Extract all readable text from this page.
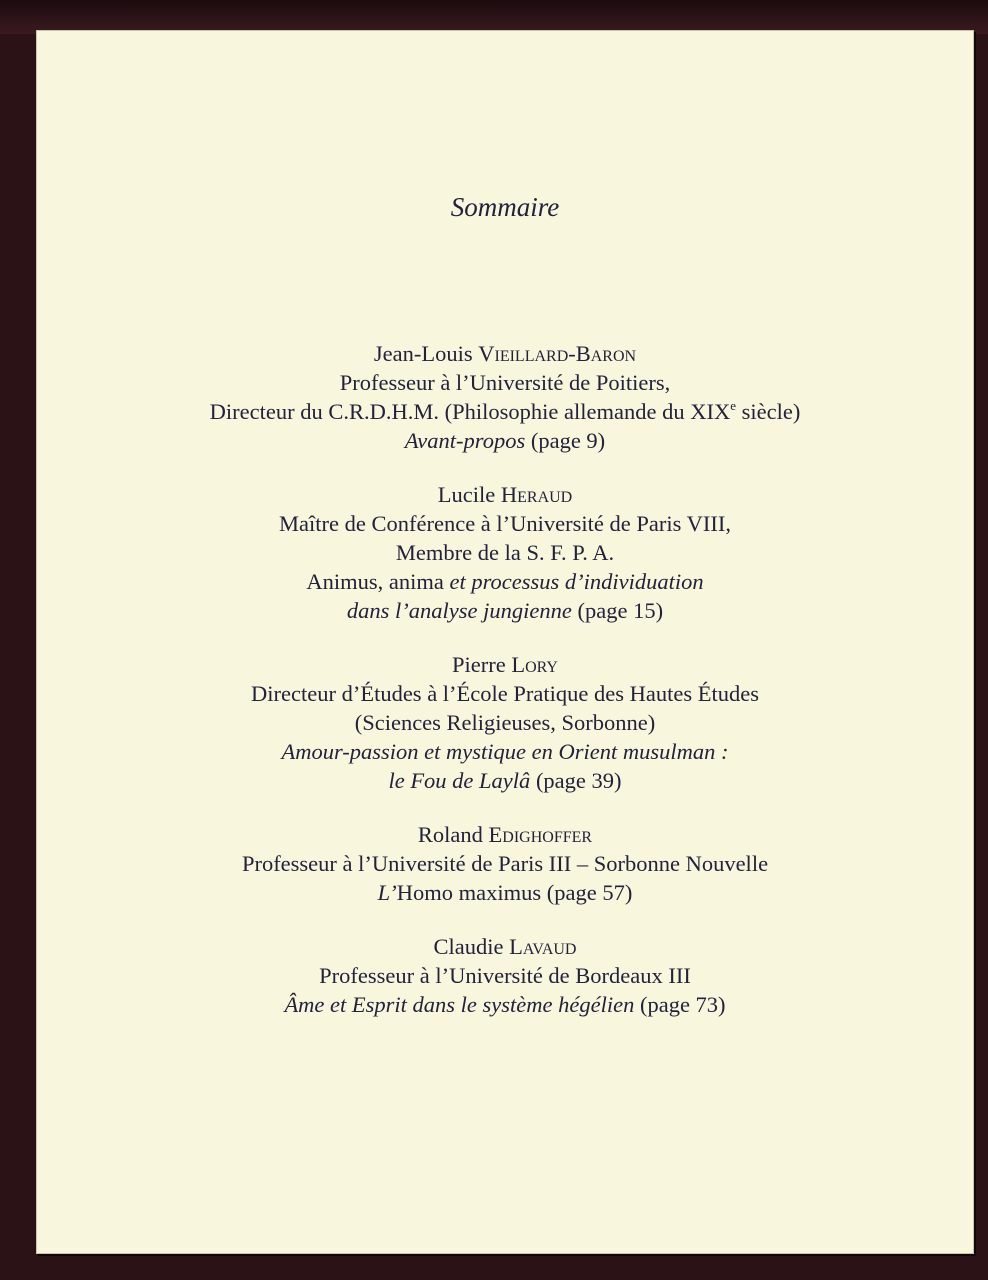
Sommaire
Jean-Louis Vieillard-Baron
Professeur à l’Université de Poitiers,
Directeur du C.R.D.H.M. (Philosophie allemande du XIXe siècle)
Avant-propos (page 9)
Lucile Heraud
Maître de Conférence à l’Université de Paris VIII,
Membre de la S. F. P. A.
Animus, anima et processus d’individuation
dans l’analyse jungienne (page 15)
Pierre Lory
Directeur d’Études à l’École Pratique des Hautes Études
(Sciences Religieuses, Sorbonne)
Amour-passion et mystique en Orient musulman :
le Fou de Laylâ (page 39)
Roland Edighoffer
Professeur à l’Université de Paris III – Sorbonne Nouvelle
L’Homo maximus (page 57)
Claudie Lavaud
Professeur à l’Université de Bordeaux III
Âme et Esprit dans le système hégélien (page 73)
